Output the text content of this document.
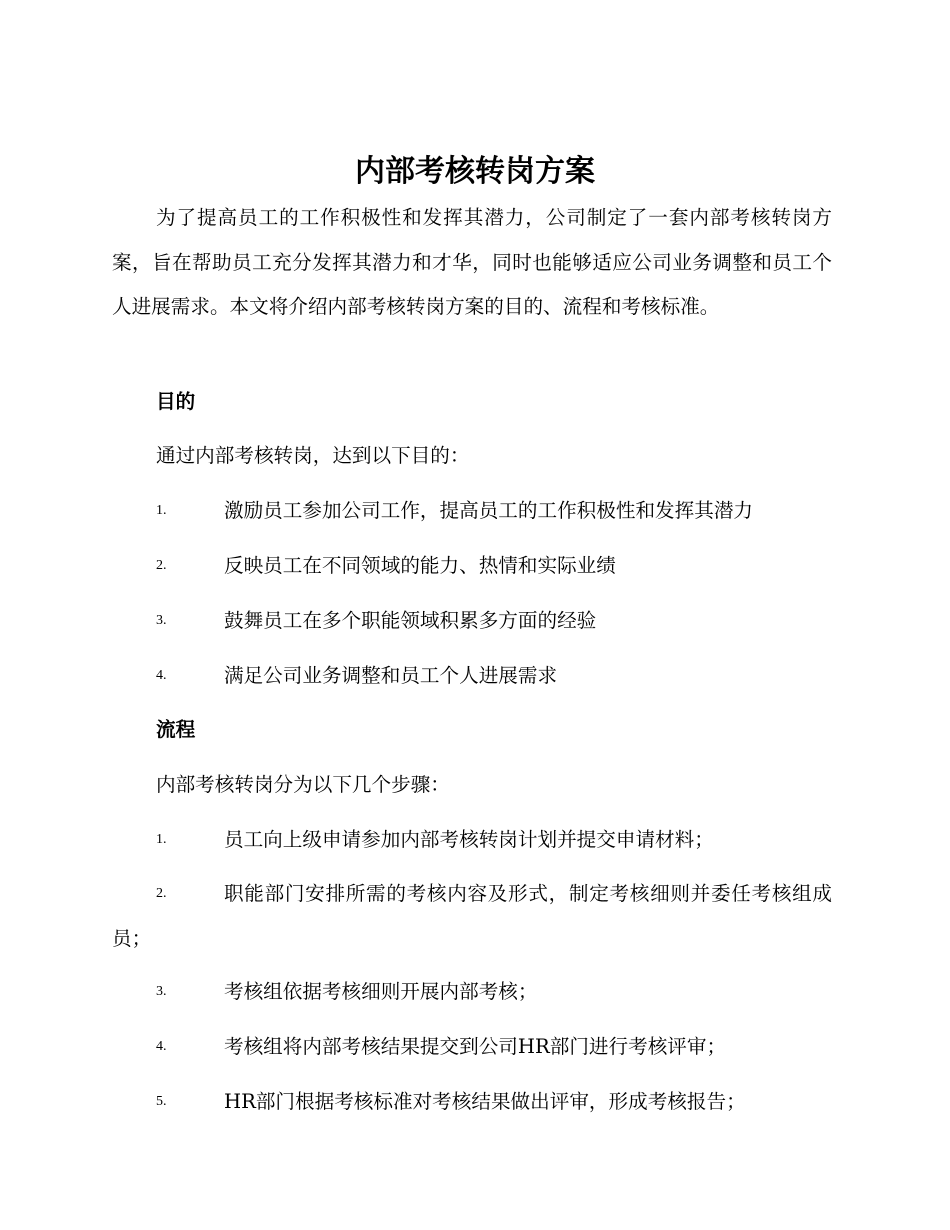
内部考核转岗方案

为了提高员工的工作积极性和发挥其潜力，公司制定了一套内部考核转岗方案，旨在帮助员工充分发挥其潜力和才华，同时也能够适应公司业务调整和员工个人进展需求。本文将介绍内部考核转岗方案的目的、流程和考核标准。

目的

通过内部考核转岗，达到以下目的：

1.	激励员工参加公司工作，提高员工的工作积极性和发挥其潜力
2.	反映员工在不同领域的能力、热情和实际业绩
3.	鼓舞员工在多个职能领域积累多方面的经验
4.	满足公司业务调整和员工个人进展需求
流程

内部考核转岗分为以下几个步骤：

1.	员工向上级申请参加内部考核转岗计划并提交申请材料；
2.	职能部门安排所需的考核内容及形式，制定考核细则并委任考核组成员；
3.	考核组依据考核细则开展内部考核；
4.	考核组将内部考核结果提交到公司HR部门进行考核评审；
5.	HR部门根据考核标准对考核结果做出评审，形成考核报告；
